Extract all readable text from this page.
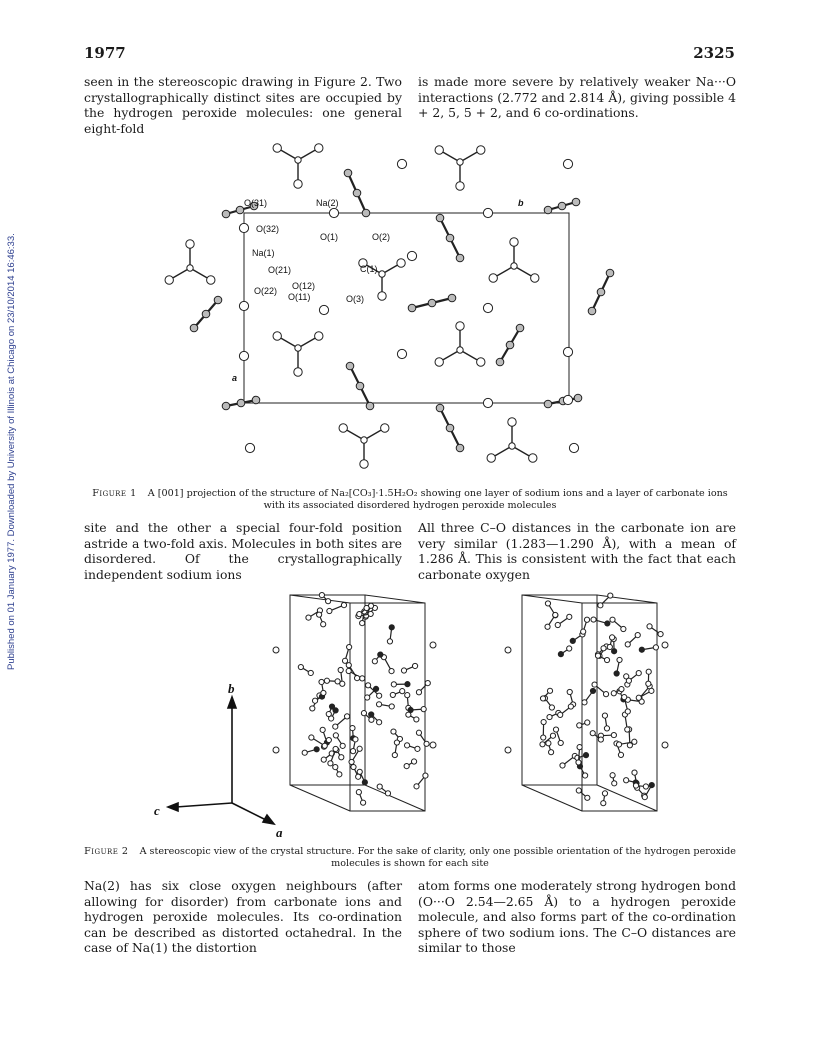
Published on 01 January 1977. Downloaded by University of Illinois at Chicago on 23/10/2014 16:46:33.
1977	2325

seen in the stereoscopic drawing in Figure 2. Two crystallographically distinct sites are occupied by the hydrogen peroxide molecules: one general eight-fold

is made more severe by relatively weaker Na···O interactions (2.772 and 2.814 Å), giving possible 4 + 2, 5, 5 + 2, and 6 co-ordinations.

O(31)	Na(2)	b
O(32)
O(1)	O(2)
Na(1)
O(21)	C(1)
O(12)
O(22)
O(11)	O(3)
a
Figure 1 A [001] projection of the structure of Na₂[CO₃]·1.5H₂O₂ showing one layer of sodium ions and a layer of carbonate ions with its associated disordered hydrogen peroxide molecules

site and the other a special four-fold position astride a two-fold axis. Molecules in both sites are disordered. Of the crystallographically independent sodium ions

All three C–O distances in the carbonate ion are very similar (1.283—1.290 Å), with a mean of 1.286 Å. This is consistent with the fact that each carbonate oxygen

b
c
a
Figure 2 A stereoscopic view of the crystal structure. For the sake of clarity, only one possible orientation of the hydrogen peroxide molecules is shown for each site

Na(2) has six close oxygen neighbours (after allowing for disorder) from carbonate ions and hydrogen peroxide molecules. Its co-ordination can be described as distorted octahedral. In the case of Na(1) the distortion

atom forms one moderately strong hydrogen bond (O···O 2.54—2.65 Å) to a hydrogen peroxide molecule, and also forms part of the co-ordination sphere of two sodium ions. The C–O distances are similar to those
